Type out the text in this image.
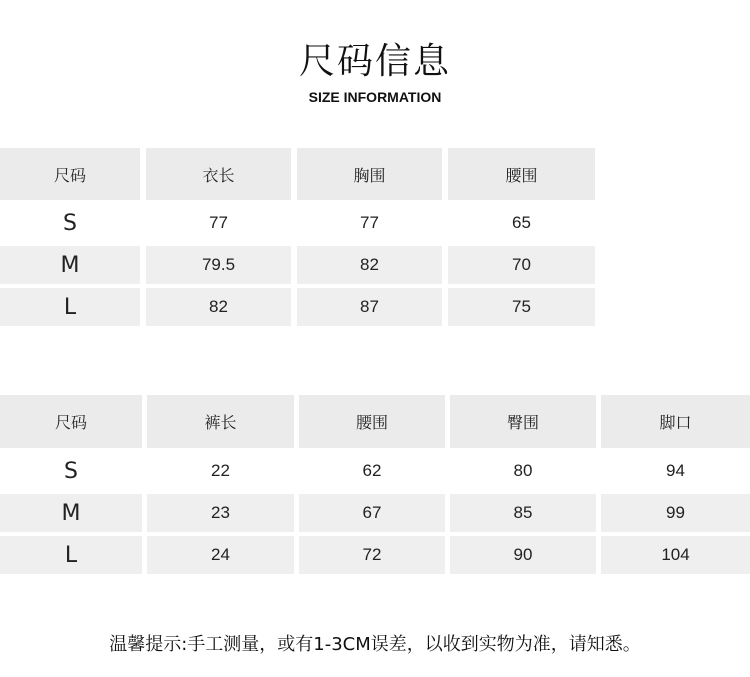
尺码信息
SIZE INFORMATION
尺码	衣长	胸围	腰围
S	77	77	65
M	79.5	82	70
L	82	87	75
尺码	裤长	腰围	臀围	脚口
S	22	62	80	94
M	23	67	85	99
L	24	72	90	104
温馨提示:手工测量，或有1-3CM误差，以收到实物为准，请知悉。
